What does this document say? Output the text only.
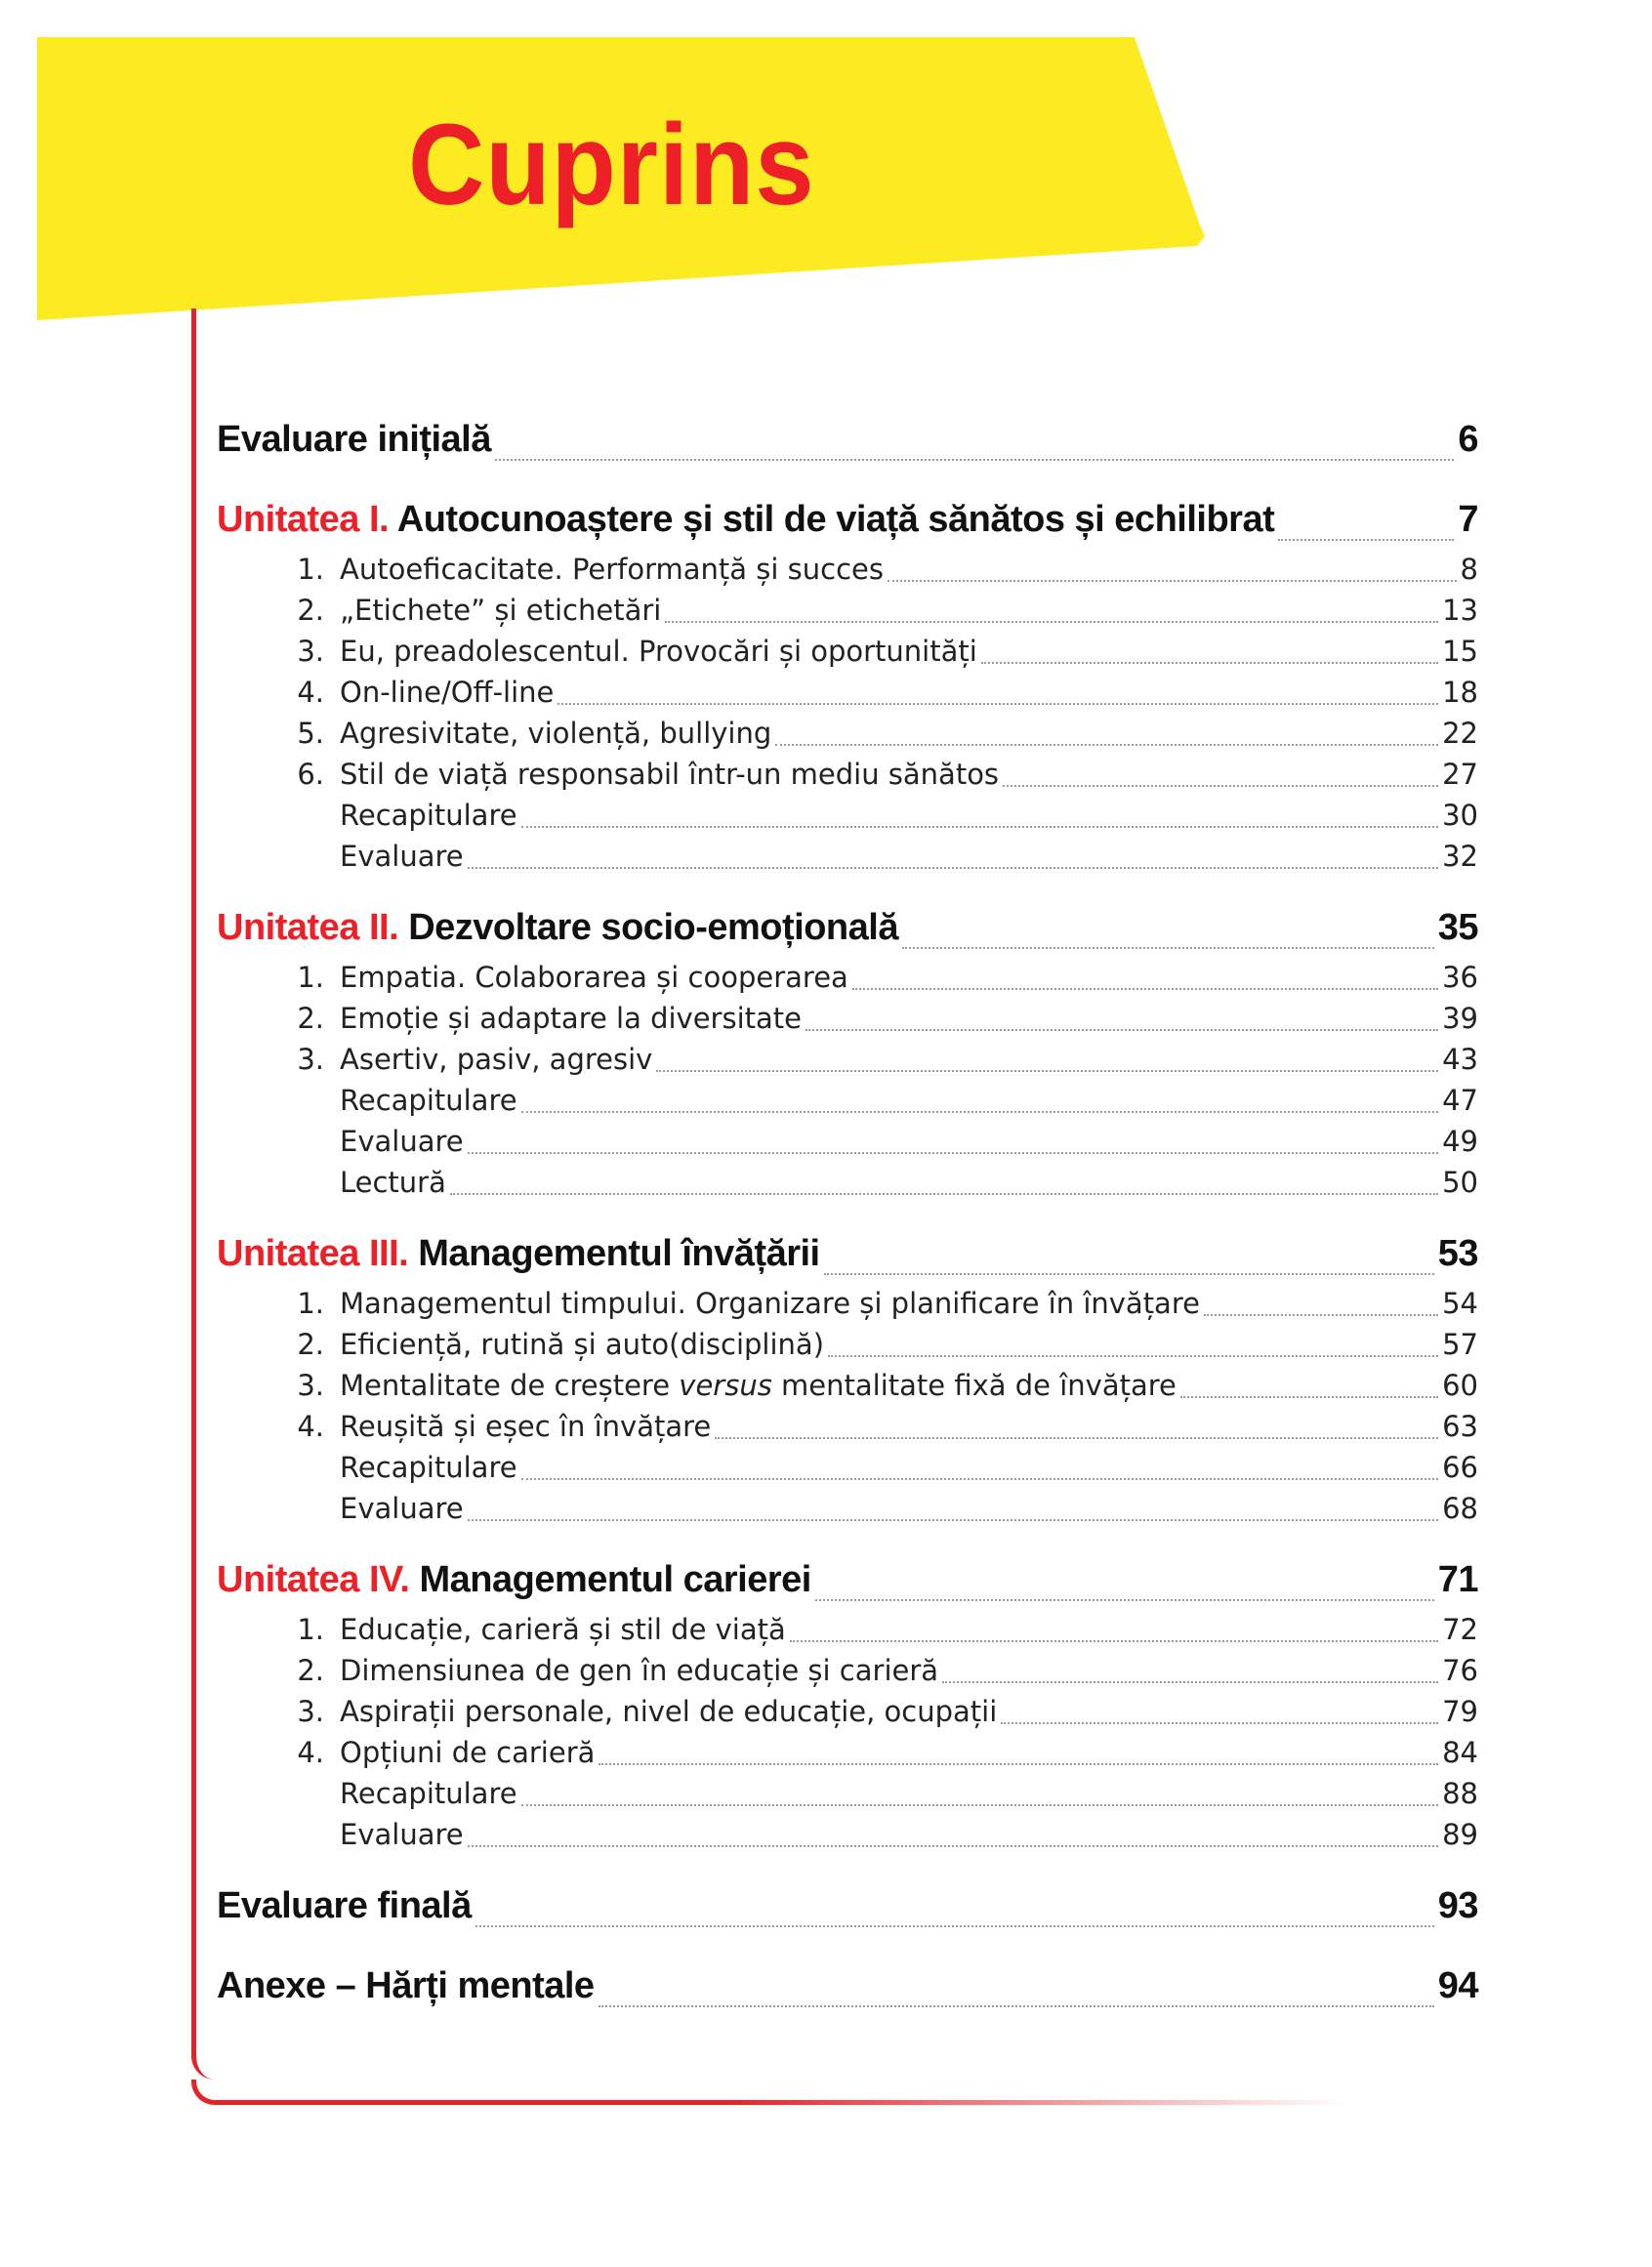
Cuprins
Evaluare inițială	6
Unitatea I. Autocunoaștere și stil de viață sănătos și echilibrat	7
1. Autoeficacitate. Performanță și succes	8
2. „Etichete” și etichetări	13
3. Eu, preadolescentul. Provocări și oportunități	15
4. On-line/Off-line	18
5. Agresivitate, violență, bullying	22
6. Stil de viață responsabil într-un mediu sănătos	27
Recapitulare	30
Evaluare	32
Unitatea II. Dezvoltare socio-emoțională	35
1. Empatia. Colaborarea și cooperarea	36
2. Emoție și adaptare la diversitate	39
3. Asertiv, pasiv, agresiv	43
Recapitulare	47
Evaluare	49
Lectură	50
Unitatea III. Managementul învățării	53
1. Managementul timpului. Organizare și planificare în învățare	54
2. Eficiență, rutină și auto(disciplină)	57
3. Mentalitate de creștere versus mentalitate fixă de învățare	60
4. Reușită și eșec în învățare	63
Recapitulare	66
Evaluare	68
Unitatea IV. Managementul carierei	71
1. Educație, carieră și stil de viață	72
2. Dimensiunea de gen în educație și carieră	76
3. Aspirații personale, nivel de educație, ocupații	79
4. Opțiuni de carieră	84
Recapitulare	88
Evaluare	89
Evaluare finală	93
Anexe – Hărți mentale	94
